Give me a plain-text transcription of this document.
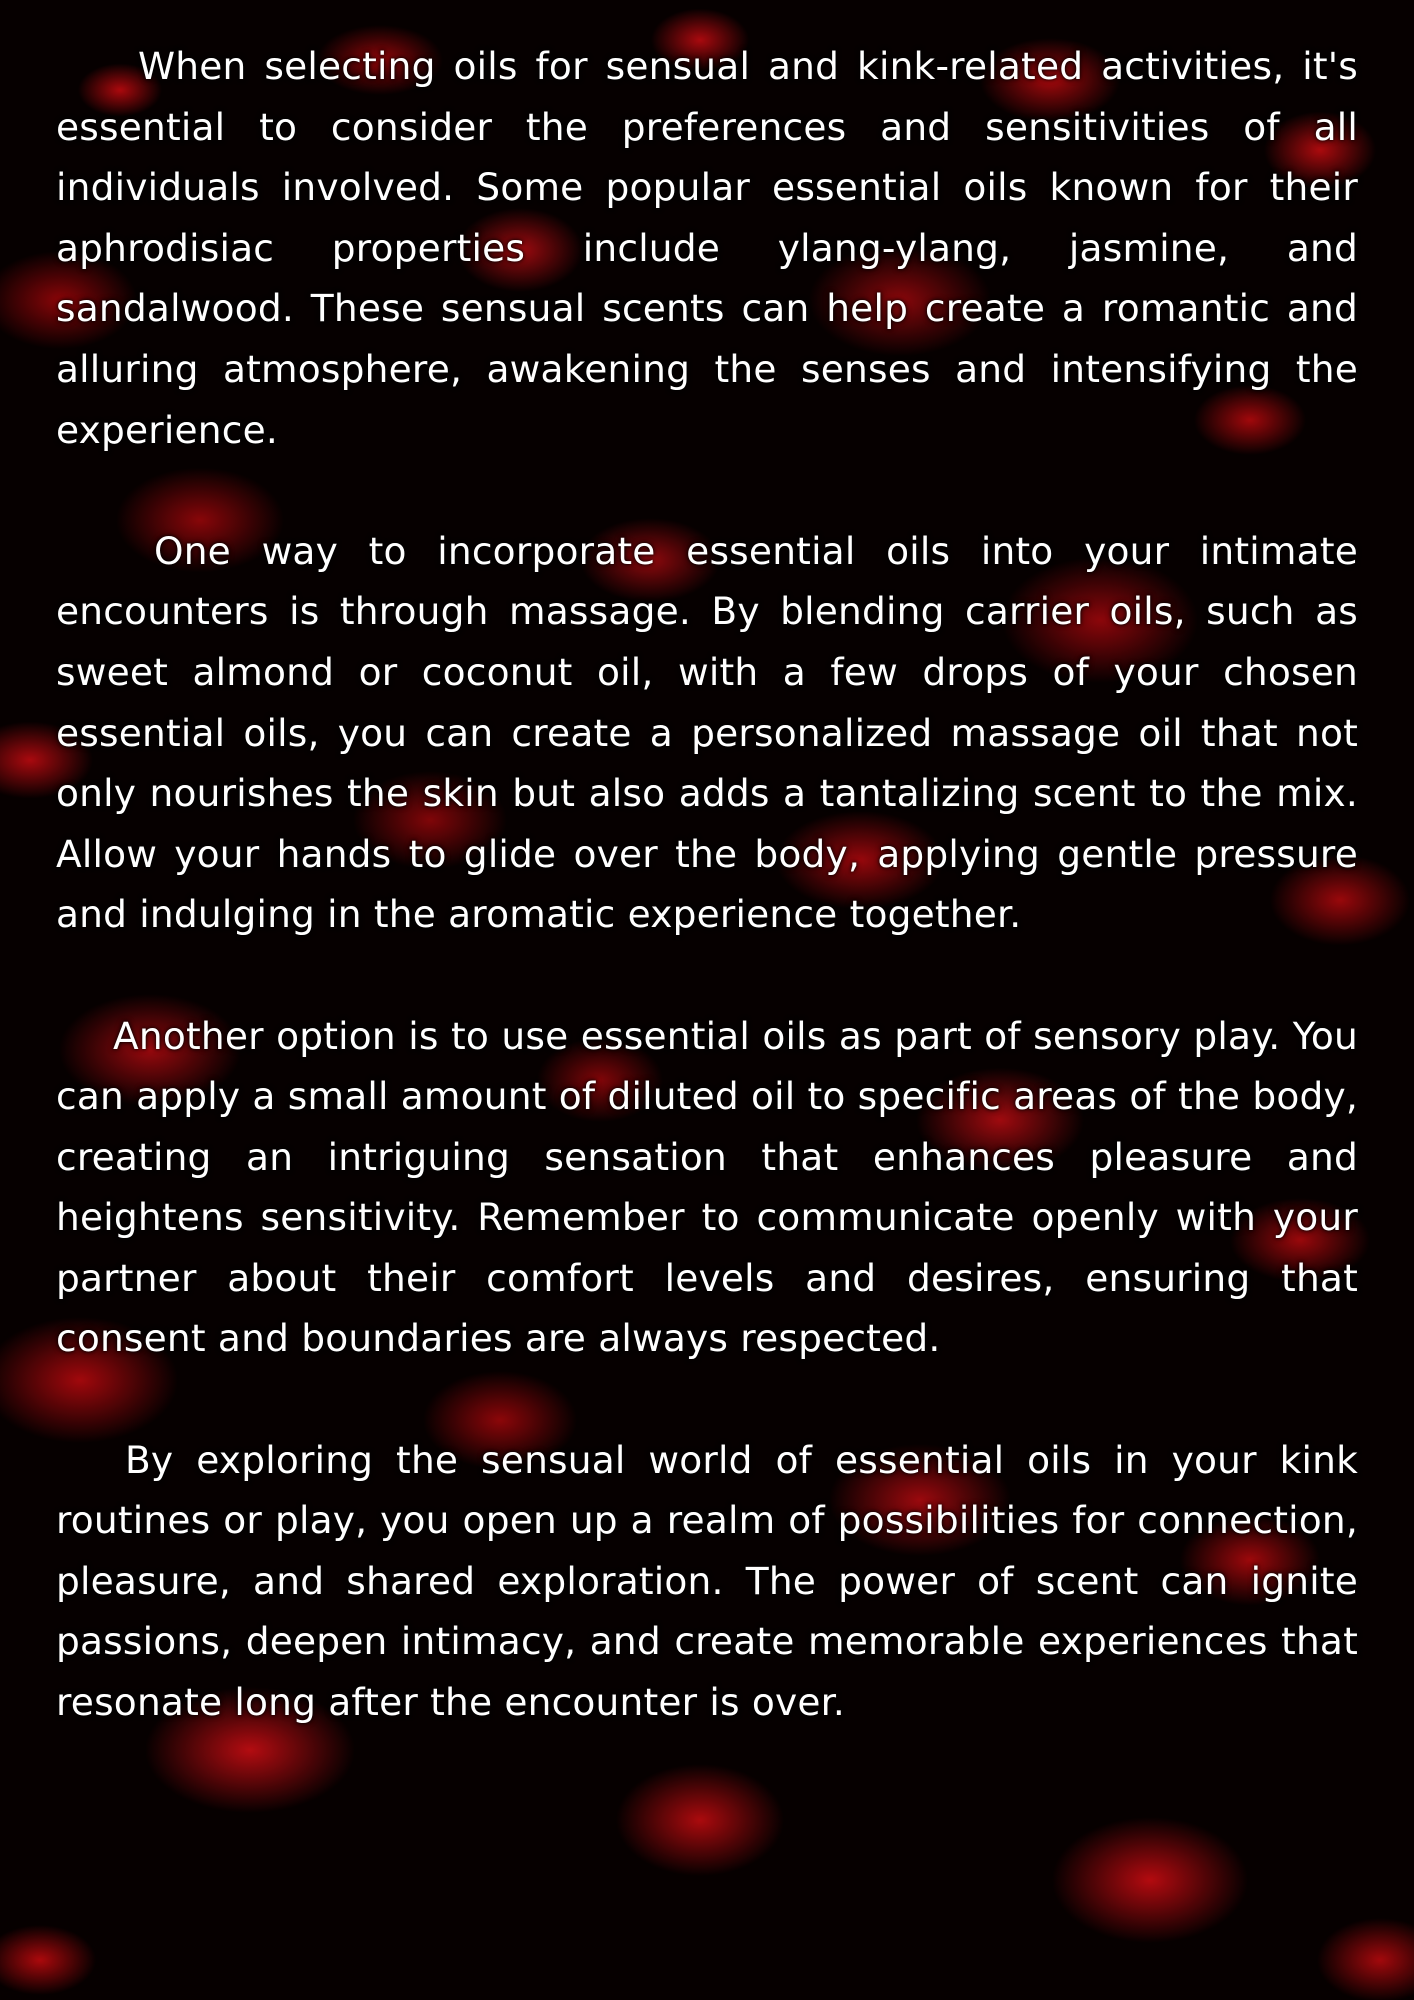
When selecting oils for sensual and kink-related activities, it's essential to consider the preferences and sensitivities of all individuals involved. Some popular essential oils known for their aphrodisiac properties include ylang-ylang, jasmine, and sandalwood. These sensual scents can help create a romantic and alluring atmosphere, awakening the senses and intensifying the experience.

One way to incorporate essential oils into your intimate encounters is through massage. By blending carrier oils, such as sweet almond or coconut oil, with a few drops of your chosen essential oils, you can create a personalized massage oil that not only nourishes the skin but also adds a tantalizing scent to the mix. Allow your hands to glide over the body, applying gentle pressure and indulging in the aromatic experience together.

Another option is to use essential oils as part of sensory play. You can apply a small amount of diluted oil to specific areas of the body, creating an intriguing sensation that enhances pleasure and heightens sensitivity. Remember to communicate openly with your partner about their comfort levels and desires, ensuring that consent and boundaries are always respected.

By exploring the sensual world of essential oils in your kink routines or play, you open up a realm of possibilities for connection, pleasure, and shared exploration. The power of scent can ignite passions, deepen intimacy, and create memorable experiences that resonate long after the encounter is over.
